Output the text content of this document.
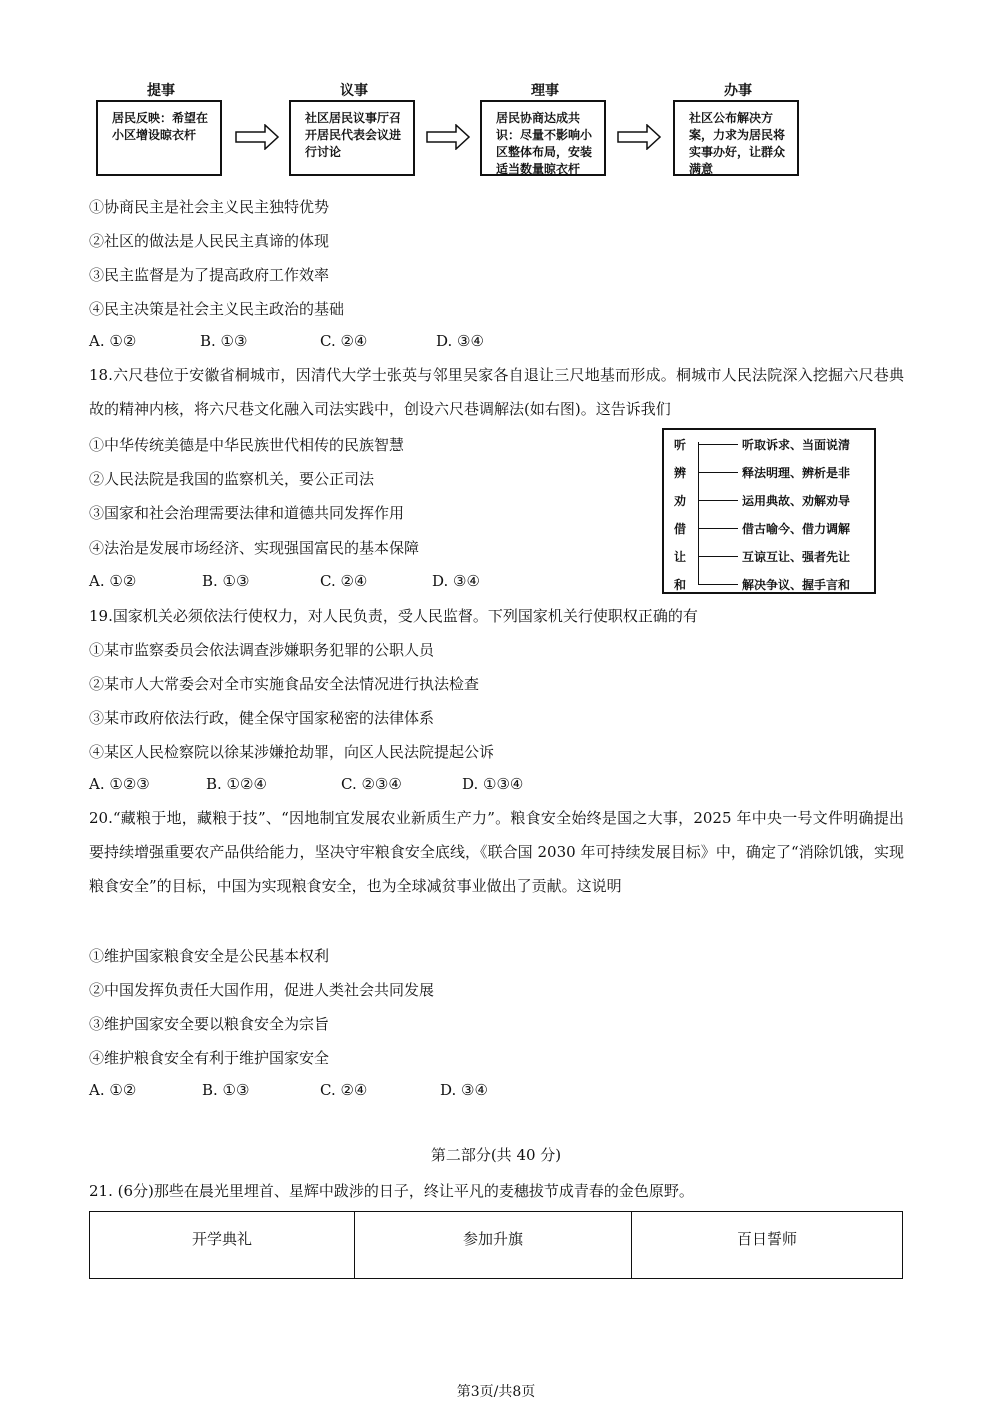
提事
居民反映：希望在小区增设晾衣杆
议事
社区居民议事厅召开居民代表会议进行讨论
理事
居民协商达成共识：尽量不影响小区整体布局，安装适当数量晾衣杆
办事
社区公布解决方案，力求为居民将实事办好，让群众满意
①协商民主是社会主义民主独特优势
②社区的做法是人民民主真谛的体现
③民主监督是为了提高政府工作效率
④民主决策是社会主义民主政治的基础
A. ①②	B. ①③	C. ②④	D. ③④
18.六尺巷位于安徽省桐城市，因清代大学士张英与邻里吴家各自退让三尺地基而形成。桐城市人民法院深入挖掘六尺巷典故的精神内核，将六尺巷文化融入司法实践中，创设六尺巷调解法(如右图)。这告诉我们
①中华传统美德是中华民族世代相传的民族智慧
②人民法院是我国的监察机关，要公正司法
③国家和社会治理需要法律和道德共同发挥作用
④法治是发展市场经济、实现强国富民的基本保障
A. ①②	B. ①③	C. ②④	D. ③④
听	听取诉求、当面说清
辨	释法明理、辨析是非
劝	运用典故、劝解劝导
借	借古喻今、借力调解
让	互谅互让、强者先让
和	解决争议、握手言和
19.国家机关必须依法行使权力，对人民负责，受人民监督。下列国家机关行使职权正确的有
①某市监察委员会依法调查涉嫌职务犯罪的公职人员
②某市人大常委会对全市实施食品安全法情况进行执法检查
③某市政府依法行政，健全保守国家秘密的法律体系
④某区人民检察院以徐某涉嫌抢劫罪，向区人民法院提起公诉
A. ①②③	B. ①②④	C. ②③④	D. ①③④
20.“藏粮于地，藏粮于技”、“因地制宜发展农业新质生产力”。粮食安全始终是国之大事，2025 年中央一号文件明确提出要持续增强重要农产品供给能力，坚决守牢粮食安全底线，《联合国 2030 年可持续发展目标》中，确定了“消除饥饿，实现粮食安全”的目标，中国为实现粮食安全，也为全球减贫事业做出了贡献。这说明
①维护国家粮食安全是公民基本权利
②中国发挥负责任大国作用，促进人类社会共同发展
③维护国家安全要以粮食安全为宗旨
④维护粮食安全有利于维护国家安全
A. ①②	B. ①③	C. ②④	D. ③④
第二部分(共 40 分)
21. (6分)那些在晨光里埋首、星辉中跋涉的日子，终让平凡的麦穗拔节成青春的金色原野。
开学典礼	参加升旗	百日誓师
第3页/共8页
